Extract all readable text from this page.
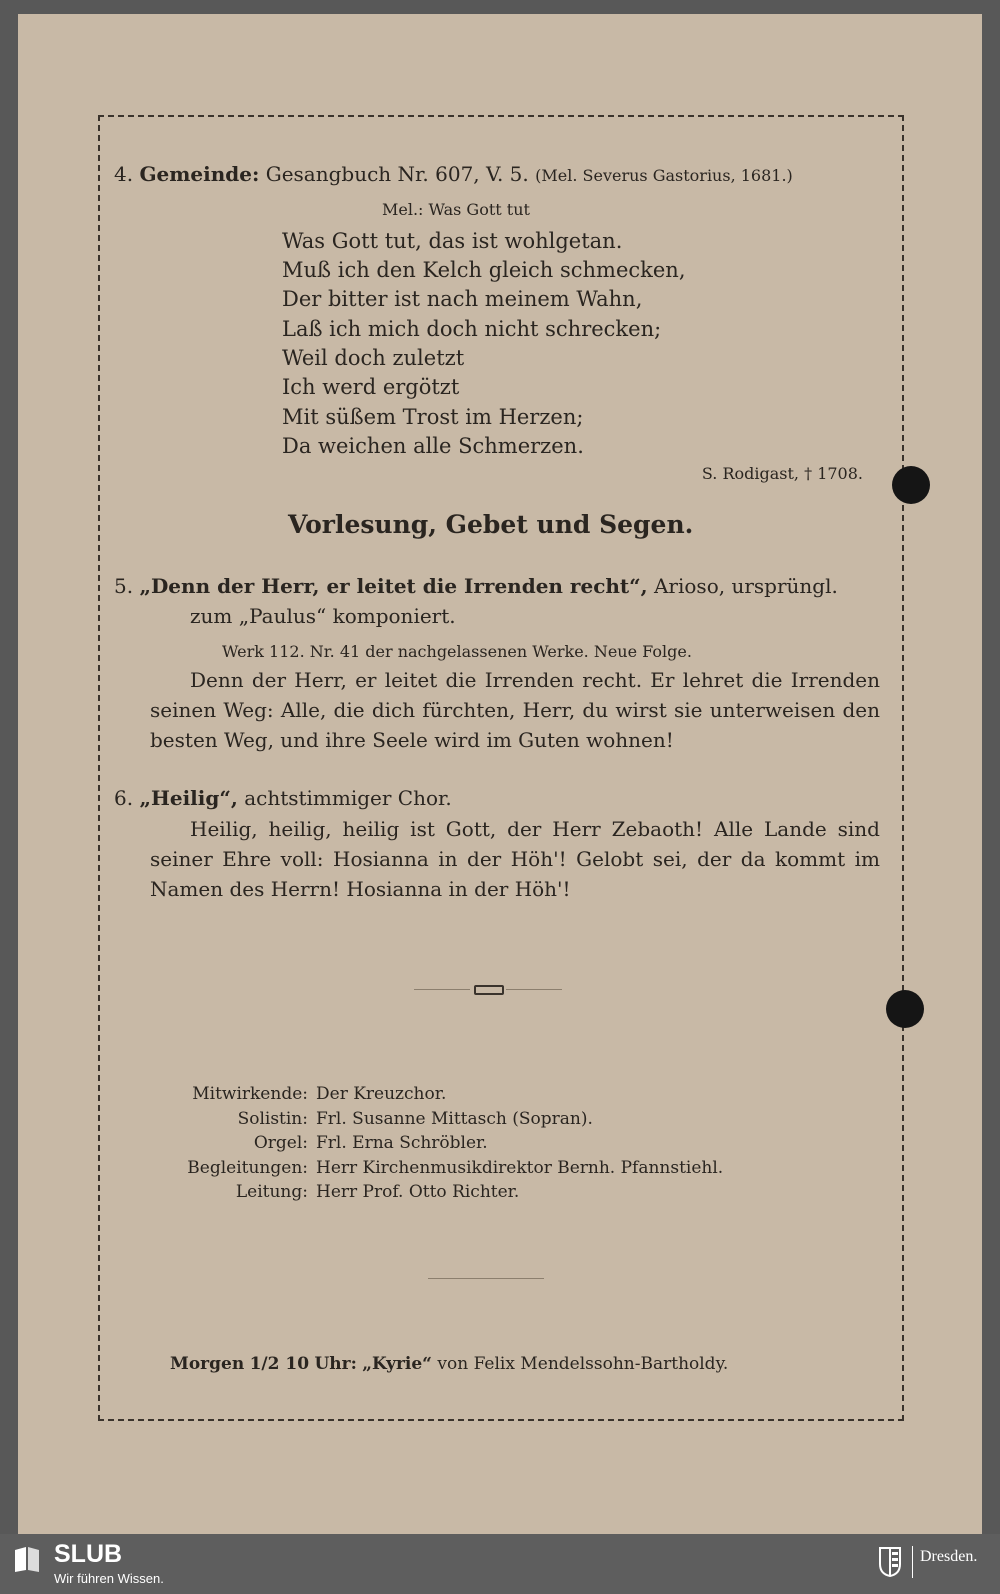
4. Gemeinde: Gesangbuch Nr. 607, V. 5. (Mel. Severus Gastorius, 1681.)
Mel.: Was Gott tut
Was Gott tut, das ist wohlgetan.
Muß ich den Kelch gleich schmecken,
Der bitter ist nach meinem Wahn,
Laß ich mich doch nicht schrecken;
Weil doch zuletzt
Ich werd ergötzt
Mit süßem Trost im Herzen;
Da weichen alle Schmerzen.
S. Rodigast, † 1708.
Vorlesung, Gebet und Segen.
5. „Denn der Herr, er leitet die Irrenden recht“, Arioso, ursprüngl.
zum „Paulus“ komponiert.
Werk 112. Nr. 41 der nachgelassenen Werke. Neue Folge.
Denn der Herr, er leitet die Irrenden recht. Er lehret die Irrenden seinen Weg: Alle, die dich fürchten, Herr, du wirst sie unterweisen den besten Weg, und ihre Seele wird im Guten wohnen!
6. „Heilig“, achtstimmiger Chor.
Heilig, heilig, heilig ist Gott, der Herr Zebaoth! Alle Lande sind seiner Ehre voll: Hosianna in der Höh'! Gelobt sei, der da kommt im Namen des Herrn! Hosianna in der Höh'!
Mitwirkende: Der Kreuzchor.
Solistin: Frl. Susanne Mittasch (Sopran).
Orgel: Frl. Erna Schröbler.
Begleitungen: Herr Kirchenmusikdirektor Bernh. Pfannstiehl.
Leitung: Herr Prof. Otto Richter.
Morgen 1/2 10 Uhr: „Kyrie“ von Felix Mendelssohn-Bartholdy.
SLUB
Wir führen Wissen.
Dresden.
